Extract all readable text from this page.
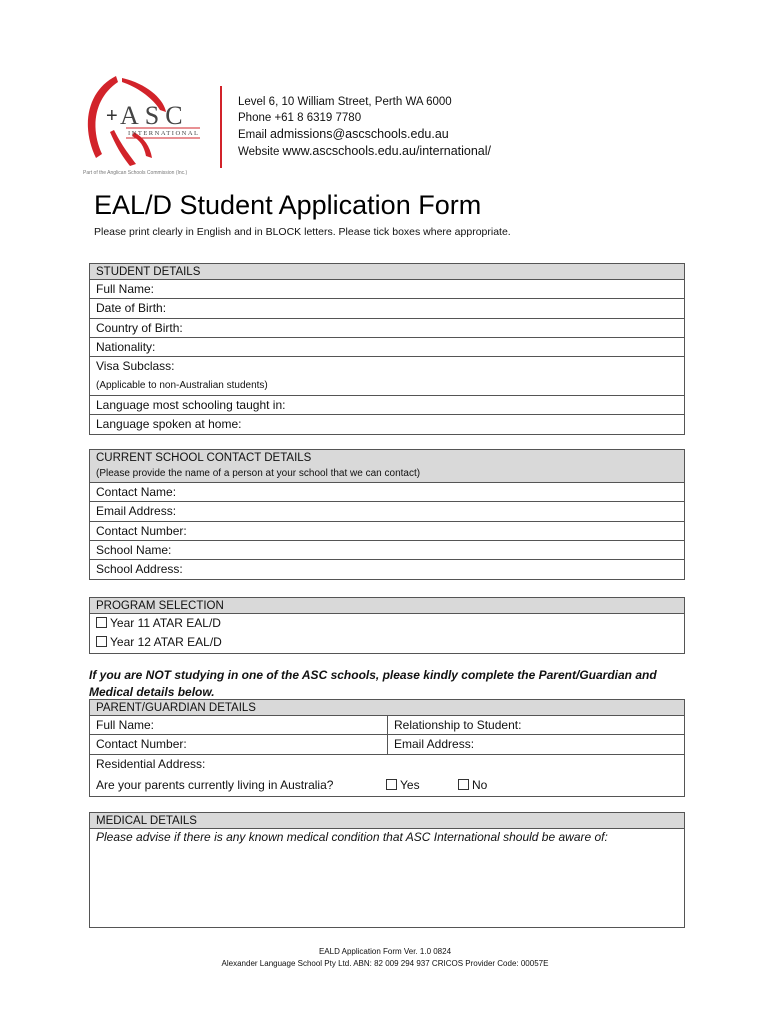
+ ASC
INTERNATIONAL
Part of the Anglican Schools Commission (Inc.)
Level 6, 10 William Street, Perth WA 6000
Phone +61 8 6319 7780
Email admissions@ascschools.edu.au
Website www.ascschools.edu.au/international/
EAL/D Student Application Form
Please print clearly in English and in BLOCK letters. Please tick boxes where appropriate.
STUDENT DETAILS
Full Name:
Date of Birth:
Country of Birth:
Nationality:
Visa Subclass:
(Applicable to non-Australian students)
Language most schooling taught in:
Language spoken at home:
CURRENT SCHOOL CONTACT DETAILS
(Please provide the name of a person at your school that we can contact)
Contact Name:
Email Address:
Contact Number:
School Name:
School Address:
PROGRAM SELECTION
Year 11 ATAR EAL/D
Year 12 ATAR EAL/D
If you are NOT studying in one of the ASC schools, please kindly complete the Parent/Guardian and Medical details below.
PARENT/GUARDIAN DETAILS
Full Name:	Relationship to Student:
Contact Number:	Email Address:
Residential Address:
Are your parents currently living in Australia?	Yes	No
MEDICAL DETAILS
Please advise if there is any known medical condition that ASC International should be aware of:
EALD Application Form Ver. 1.0 0824
Alexander Language School Pty Ltd. ABN: 82 009 294 937 CRICOS Provider Code: 00057E
